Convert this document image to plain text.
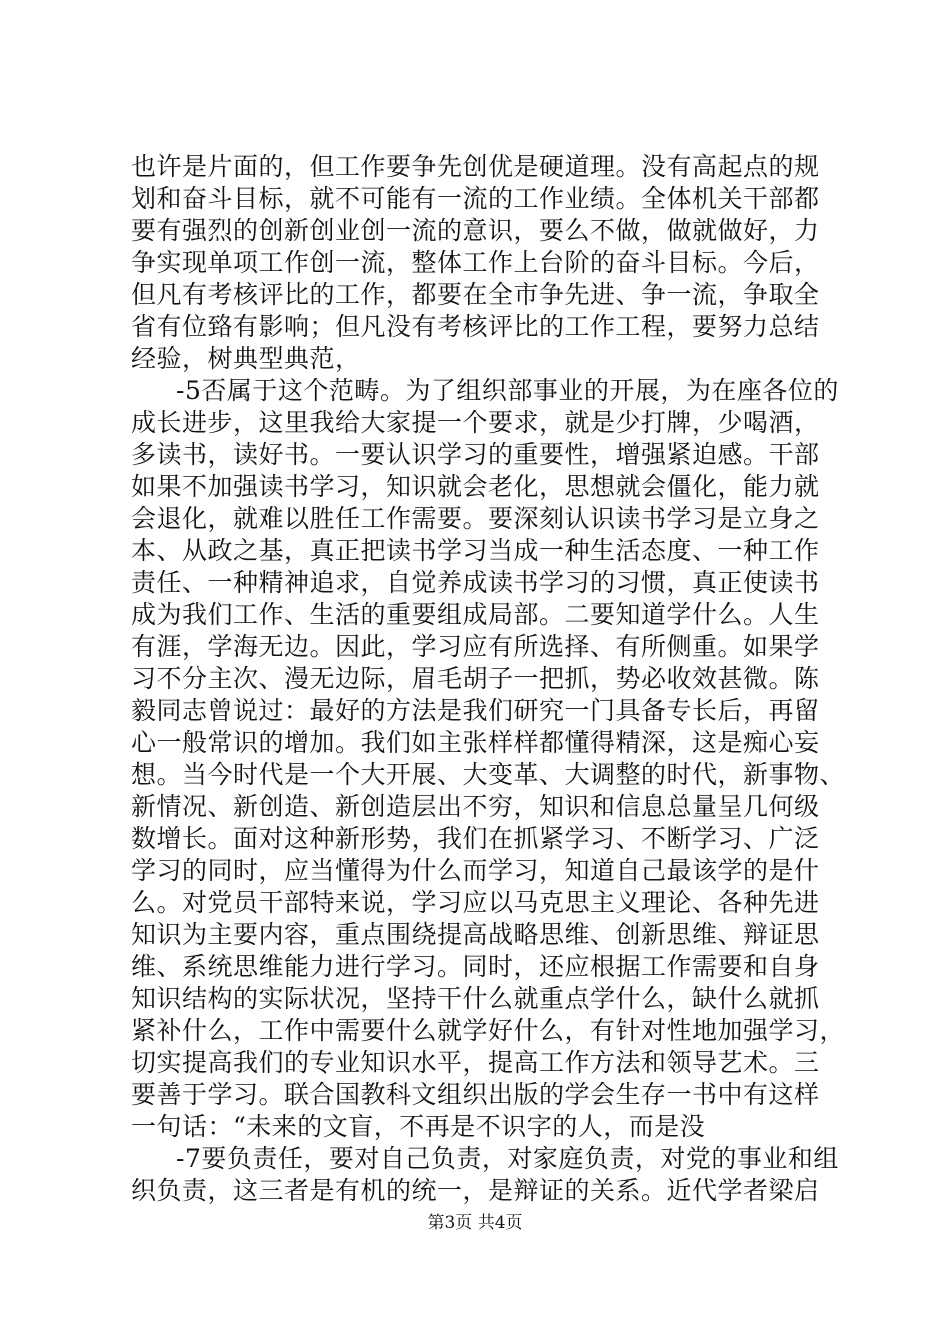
也许是片面的，但工作要争先创优是硬道理。没有高起点的规
划和奋斗目标，就不可能有一流的工作业绩。全体机关干部都
要有强烈的创新创业创一流的意识，要么不做，做就做好，力
争实现单项工作创一流，整体工作上台阶的奋斗目标。今后，
但凡有考核评比的工作，都要在全市争先进、争一流，争取全
省有位臵有影响；但凡没有考核评比的工作工程，要努力总结
经验，树典型典范，
-5否属于这个范畴。为了组织部事业的开展，为在座各位的
成长进步，这里我给大家提一个要求，就是少打牌，少喝酒，
多读书，读好书。一要认识学习的重要性，增强紧迫感。干部
如果不加强读书学习，知识就会老化，思想就会僵化，能力就
会退化，就难以胜任工作需要。要深刻认识读书学习是立身之
本、从政之基，真正把读书学习当成一种生活态度、一种工作
责任、一种精神追求，自觉养成读书学习的习惯，真正使读书
成为我们工作、生活的重要组成局部。二要知道学什么。人生
有涯，学海无边。因此，学习应有所选择、有所侧重。如果学
习不分主次、漫无边际，眉毛胡子一把抓，势必收效甚微。陈
毅同志曾说过：最好的方法是我们研究一门具备专长后，再留
心一般常识的增加。我们如主张样样都懂得精深，这是痴心妄
想。当今时代是一个大开展、大变革、大调整的时代，新事物、
新情况、新创造、新创造层出不穷，知识和信息总量呈几何级
数增长。面对这种新形势，我们在抓紧学习、不断学习、广泛
学习的同时，应当懂得为什么而学习，知道自己最该学的是什
么。对党员干部特来说，学习应以马克思主义理论、各种先进
知识为主要内容，重点围绕提高战略思维、创新思维、辩证思
维、系统思维能力进行学习。同时，还应根据工作需要和自身
知识结构的实际状况，坚持干什么就重点学什么，缺什么就抓
紧补什么，工作中需要什么就学好什么，有针对性地加强学习，
切实提高我们的专业知识水平，提高工作方法和领导艺术。三
要善于学习。联合国教科文组织出版的学会生存一书中有这样
一句话：“未来的文盲，不再是不识字的人，而是没
-7要负责任，要对自己负责，对家庭负责，对党的事业和组
织负责，这三者是有机的统一，是辩证的关系。近代学者梁启
第3页 共4页
